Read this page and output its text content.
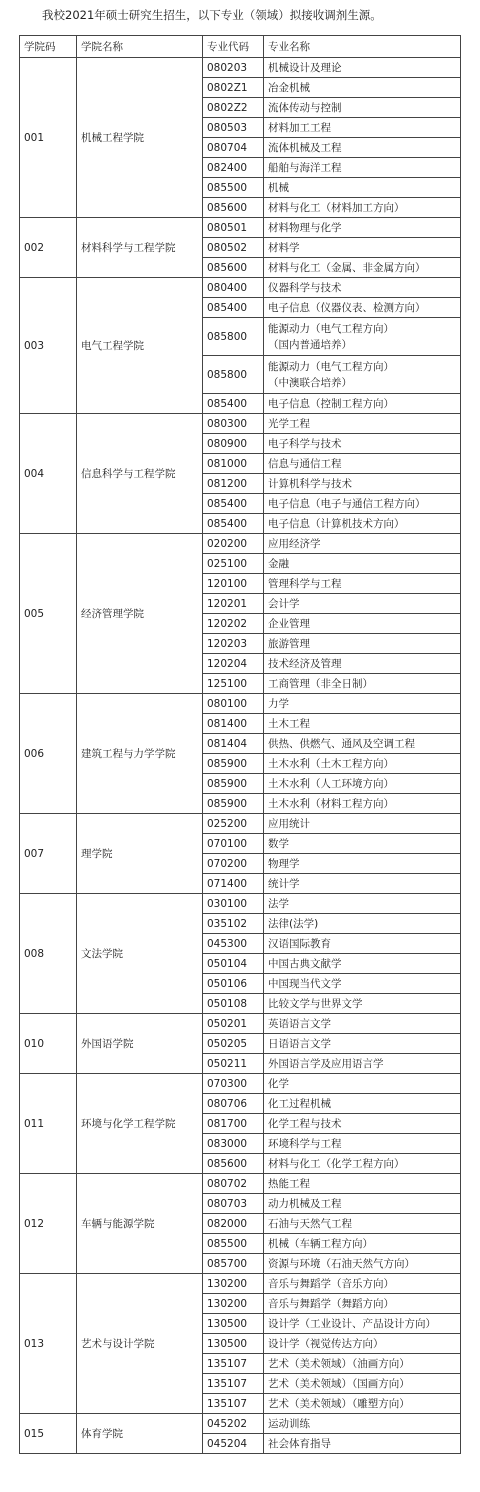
我校2021年硕士研究生招生，以下专业（领域）拟接收调剂生源。
学院码	学院名称	专业代码	专业名称
001	机械工程学院	080203	机械设计及理论

		0802Z1	冶金机械

		0802Z2	流体传动与控制

		080503	材料加工工程

		080704	流体机械及工程

		082400	船舶与海洋工程

		085500	机械

		085600	材料与化工（材料加工方向）

002	材料科学与工程学院	080501	材料物理与化学

		080502	材料学

		085600	材料与化工（金属、非金属方向）

003	电气工程学院	080400	仪器科学与技术

		085400	电子信息（仪器仪表、检测方向）

		085800	能源动力（电气工程方向）
（国内普通培养）

		085800	能源动力（电气工程方向）
（中澳联合培养）

		085400	电子信息（控制工程方向）

004	信息科学与工程学院	080300	光学工程

		080900	电子科学与技术

		081000	信息与通信工程

		081200	计算机科学与技术

		085400	电子信息（电子与通信工程方向）

		085400	电子信息（计算机技术方向）

005	经济管理学院	020200	应用经济学

		025100	金融

		120100	管理科学与工程

		120201	会计学

		120202	企业管理

		120203	旅游管理

		120204	技术经济及管理

		125100	工商管理（非全日制）

006	建筑工程与力学学院	080100	力学

		081400	土木工程

		081404	供热、供燃气、通风及空调工程

		085900	土木水利（土木工程方向）

		085900	土木水利（人工环境方向）

		085900	土木水利（材料工程方向）

007	理学院	025200	应用统计

		070100	数学

		070200	物理学

		071400	统计学

008	文法学院	030100	法学

		035102	法律(法学)

		045300	汉语国际教育

		050104	中国古典文献学

		050106	中国现当代文学

		050108	比较文学与世界文学

010	外国语学院	050201	英语语言文学

		050205	日语语言文学

		050211	外国语言学及应用语言学

011	环境与化学工程学院	070300	化学

		080706	化工过程机械

		081700	化学工程与技术

		083000	环境科学与工程

		085600	材料与化工（化学工程方向）

012	车辆与能源学院	080702	热能工程

		080703	动力机械及工程

		082000	石油与天然气工程

		085500	机械（车辆工程方向）

		085700	资源与环境（石油天然气方向）

013	艺术与设计学院	130200	音乐与舞蹈学（音乐方向）

		130200	音乐与舞蹈学（舞蹈方向）

		130500	设计学（工业设计、产品设计方向）

		130500	设计学（视觉传达方向）

		135107	艺术（美术领域）（油画方向）

		135107	艺术（美术领域）（国画方向）

		135107	艺术（美术领域）（雕塑方向）

015	体育学院	045202	运动训练

		045204	社会体育指导
